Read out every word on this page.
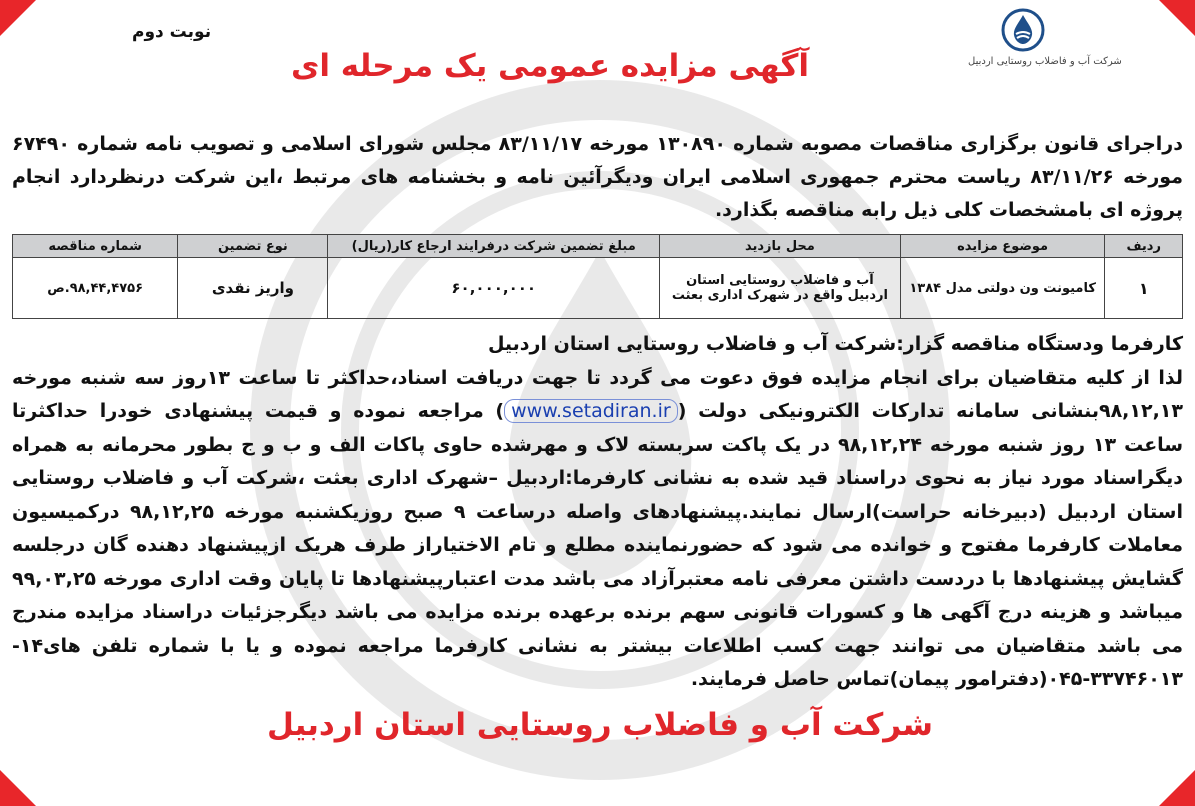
شرکت آب و فاضلاب روستایی اردبیل
نوبت دوم
آگهی مزایده عمومی یک مرحله ای
دراجرای قانون برگزاری مناقصات مصوبه شماره ۱۳۰۸۹۰ مورخه ۸۳/۱۱/۱۷ مجلس شورای اسلامی و تصویب نامه شماره ۶۷۴۹۰ مورخه ۸۳/۱۱/۲۶ ریاست محترم جمهوری اسلامی ایران ودیگرآئین نامه و بخشنامه های مرتبط ،این شرکت درنظردارد انجام پروژه ای بامشخصات کلی ذیل رابه مناقصه بگذارد.
ردیف	موضوع مزایده	محل بازدید	مبلغ تضمین شرکت درفرایند ارجاع کار(ریال)	نوع تضمین	شماره مناقصه
۱	کامیونت ون دولتی مدل ۱۳۸۴	آب و فاضلاب روستایی استان اردبیل واقع در شهرک اداری بعثت	۶۰,۰۰۰,۰۰۰	واریز نقدی	۹۸,۴۴,۴۷۵۶.ص
کارفرما ودستگاه مناقصه گزار:شرکت آب و فاضلاب روستایی استان اردبیل
لذا از کلیه متقاضیان برای انجام مزایده فوق دعوت می گردد تا جهت دریافت اسناد،حداکثر تا ساعت ۱۳روز سه شنبه مورخه ۹۸,۱۲,۱۳بنشانی سامانه تدارکات الکترونیکی دولت (www.setadiran.ir) مراجعه نموده و قیمت پیشنهادی خودرا حداکثرتا ساعت ۱۳ روز شنبه مورخه ۹۸,۱۲,۲۴ در یک پاکت سربسته لاک و مهرشده حاوی پاکات الف و ب و ج بطور محرمانه به همراه دیگراسناد مورد نیاز به نحوی دراسناد قید شده به نشانی کارفرما:اردبیل –شهرک اداری بعثت ،شرکت آب و فاضلاب روستایی استان اردبیل (دبیرخانه حراست)ارسال نمایند.پیشنهادهای واصله درساعت ۹ صبح روزیکشنبه مورخه ۹۸,۱۲,۲۵ درکمیسیون معاملات کارفرما مفتوح و خوانده می شود که حضورنماینده مطلع و تام الاختیاراز طرف هریک ازپیشنهاد دهنده گان درجلسه گشایش پیشنهادها با دردست داشتن معرفی نامه معتبرآزاد می باشد مدت اعتبارپیشنهادها تا پایان وقت اداری مورخه ۹۹,۰۳,۲۵ میباشد و هزینه درج آگهی ها و کسورات قانونی سهم برنده برعهده برنده مزایده می باشد دیگرجزئیات دراسناد مزایده مندرج می باشد متقاضیان می توانند جهت کسب اطلاعات بیشتر به نشانی کارفرما مراجعه نموده و یا با شماره تلفن های۱۴- ۳۳۷۴۶۰۱۳-۰۴۵(دفترامور پیمان)تماس حاصل فرمایند.
شرکت آب و فاضلاب روستایی استان اردبیل
